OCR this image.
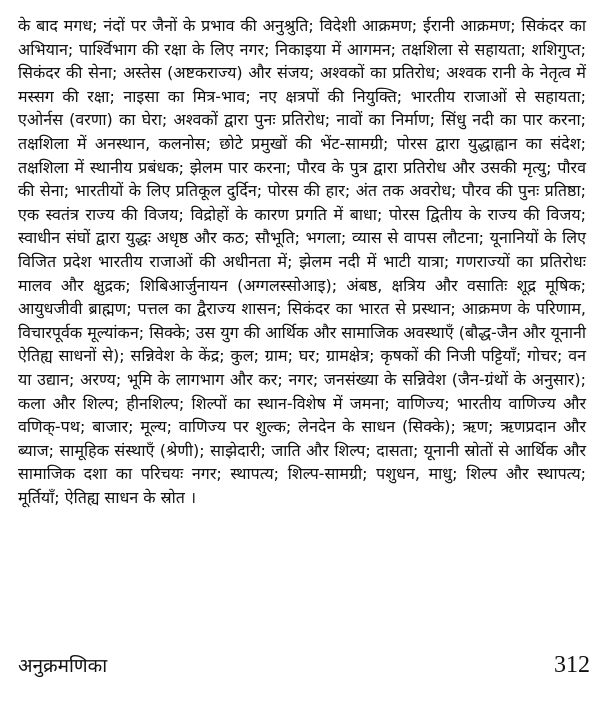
के बाद मगध; नंदों पर जैनों के प्रभाव की अनुश्रुति; विदेशी आक्रमण; ईरानी आक्रमण; सिकंदर का अभियान; पार्श्विभाग की रक्षा के लिए नगर; निकाइया में आगमन; तक्षशिला से सहायता; शशिगुप्त; सिकंदर की सेना; अस्तेस (अष्टकराज्य) और संजय; अश्वकों का प्रतिरोध; अश्वक रानी के नेतृत्व में मस्सग की रक्षा; नाइसा का मित्र-भाव; नए क्षत्रपों की नियुक्ति; भारतीय राजाओं से सहायता; एओर्नस (वरणा) का घेरा; अश्वकों द्वारा पुनः प्रतिरोध; नावों का निर्माण; सिंधु नदी का पार करना; तक्षशिला में अनस्थान, कलनोस; छोटे प्रमुखों की भेंट-सामग्री; पोरस द्वारा युद्धाह्वान का संदेश; तक्षशिला में स्थानीय प्रबंधक; झेलम पार करना; पौरव के पुत्र द्वारा प्रतिरोध और उसकी मृत्यु; पौरव की सेना; भारतीयों के लिए प्रतिकूल दुर्दिन; पोरस की हार; अंत तक अवरोध; पौरव की पुनः प्रतिष्ठा; एक स्वतंत्र राज्य की विजय; विद्रोहों के कारण प्रगति में बाधा; पोरस द्वितीय के राज्य की विजय; स्वाधीन संघों द्वारा युद्धः अधृष्ठ और कठ; सौभूति; भगला; व्यास से वापस लौटना; यूनानियों के लिए विजित प्रदेश भारतीय राजाओं की अधीनता में; झेलम नदी में भाटी यात्रा; गणराज्यों का प्रतिरोधः मालव और क्षुद्रक; शिबिआर्जुनायन (अग्गलस्सोआइ); अंबष्ठ, क्षत्रिय और वसातिः शूद्र मूषिक; आयुधजीवी ब्राह्मण; पत्तल का द्वैराज्य शासन; सिकंदर का भारत से प्रस्थान; आक्रमण के परिणाम, विचारपूर्वक मूल्यांकन; सिक्के; उस युग की आर्थिक और सामाजिक अवस्थाएँ (बौद्ध-जैन और यूनानी ऐतिह्य साधनों से); सन्निवेश के केंद्र; कुल; ग्राम; घर; ग्रामक्षेत्र; कृषकों की निजी पट्टियाँ; गोचर; वन या उद्यान; अरण्य; भूमि के लागभाग और कर; नगर; जनसंख्या के सन्निवेश (जैन-ग्रंथों के अनुसार); कला और शिल्प; हीनशिल्प; शिल्पों का स्थान-विशेष में जमना; वाणिज्य; भारतीय वाणिज्य और वणिक्-पथ; बाजार; मूल्य; वाणिज्य पर शुल्क; लेनदेन के साधन (सिक्के); ऋण; ऋणप्रदान और ब्याज; सामूहिक संस्थाएँ (श्रेणी); साझेदारी; जाति और शिल्प; दासता; यूनानी स्रोतों से आर्थिक और सामाजिक दशा का परिचयः नगर; स्थापत्य; शिल्प-सामग्री; पशुधन, माधु; शिल्प और स्थापत्य; मूर्तियाँ; ऐतिह्य साधन के स्रोत ।

अनुक्रमणिका	312
